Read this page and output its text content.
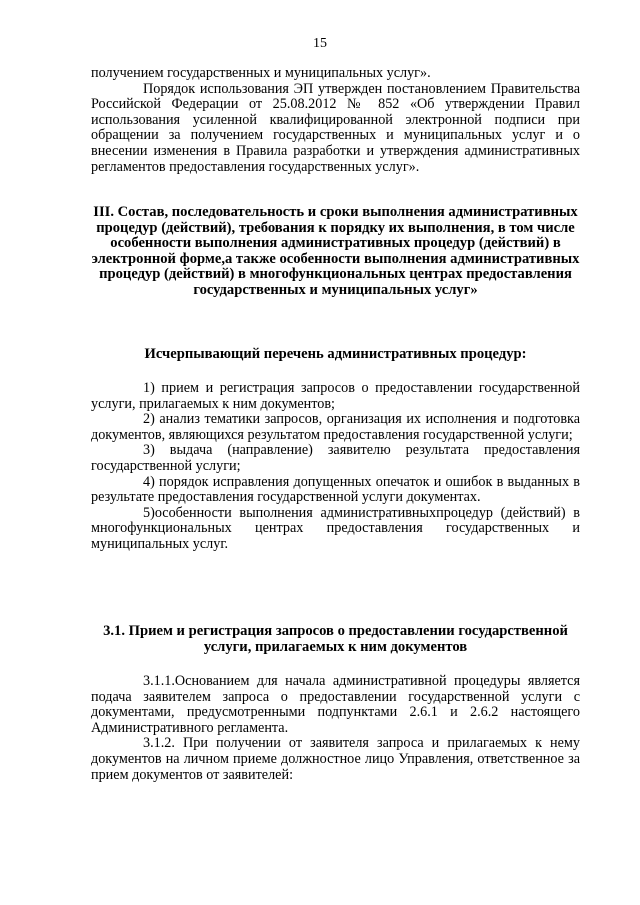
15

получением государственных и муниципальных услуг».

Порядок использования ЭП утвержден постановлением Правительства Российской Федерации от 25.08.2012 № 852 «Об утверждении Правил использования усиленной квалифицированной электронной подписи при обращении за получением государственных и муниципальных услуг и о внесении изменения в Правила разработки и утверждения административных регламентов предоставления государственных услуг».

III. Состав, последовательность и сроки выполнения административных процедур (действий), требования к порядку их выполнения, в том числе особенности выполнения административных процедур (действий) в электронной форме,а также особенности выполнения административных процедур (действий) в многофункциональных центрах предоставления государственных и муниципальных услуг»

Исчерпывающий перечень административных процедур:

1) прием и регистрация запросов о предоставлении государственной услуги, прилагаемых к ним документов;

2) анализ тематики запросов, организация их исполнения и подготовка документов, являющихся результатом предоставления государственной услуги;

3) выдача (направление) заявителю результата предоставления государственной услуги;

4) порядок исправления допущенных опечаток и ошибок в выданных в результате предоставления государственной услуги документах.

5)особенности выполнения административныхпроцедур (действий) в многофункциональных центрах предоставления государственных и муниципальных услуг.

3.1. Прием и регистрация запросов о предоставлении государственной услуги, прилагаемых к ним документов

3.1.1.Основанием для начала административной процедуры является подача заявителем запроса о предоставлении государственной услуги с документами, предусмотренными подпунктами 2.6.1 и 2.6.2 настоящего Административного регламента.

3.1.2. При получении от заявителя запроса и прилагаемых к нему документов на личном приеме должностное лицо Управления, ответственное за прием документов от заявителей:
